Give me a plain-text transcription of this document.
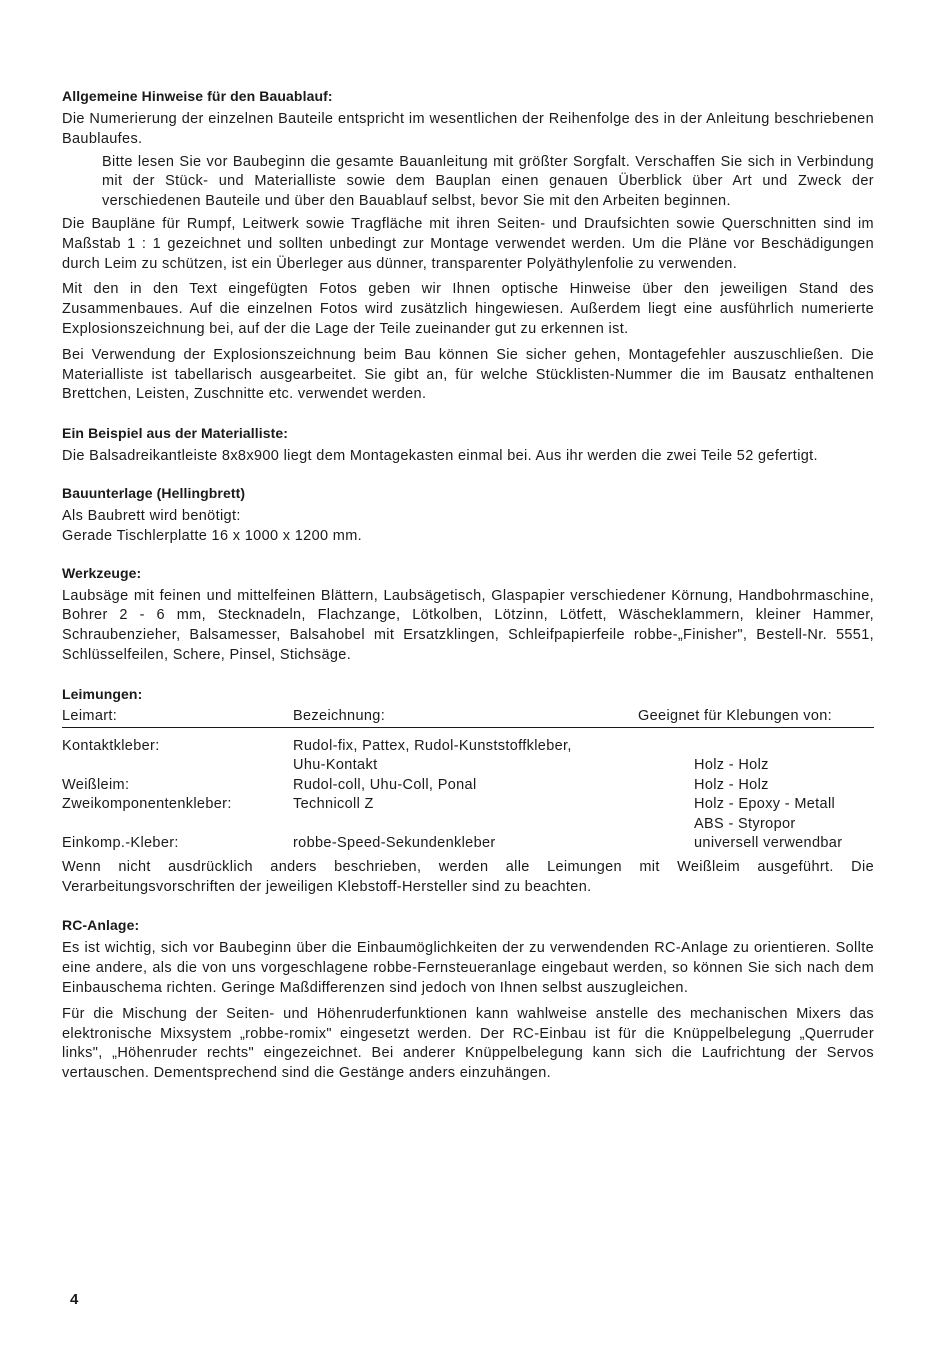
Allgemeine Hinweise für den Bauablauf:

Die Numerierung der einzelnen Bauteile entspricht im wesentlichen der Reihenfolge des in der Anleitung beschriebenen Baublaufes.

Bitte lesen Sie vor Baubeginn die gesamte Bauanleitung mit größter Sorgfalt. Verschaffen Sie sich in Verbindung mit der Stück- und Materialliste sowie dem Bauplan einen genauen Überblick über Art und Zweck der verschiedenen Bauteile und über den Bauablauf selbst, bevor Sie mit den Arbeiten beginnen.

Die Baupläne für Rumpf, Leitwerk sowie Tragfläche mit ihren Seiten- und Draufsichten sowie Querschnitten sind im Maßstab 1 : 1 gezeichnet und sollten unbedingt zur Montage verwendet werden. Um die Pläne vor Beschädigungen durch Leim zu schützen, ist ein Überleger aus dünner, transparenter Polyäthylenfolie zu verwenden.

Mit den in den Text eingefügten Fotos geben wir Ihnen optische Hinweise über den jeweiligen Stand des Zusammenbaues. Auf die einzelnen Fotos wird zusätzlich hingewiesen. Außerdem liegt eine ausführlich numerierte Explosionszeichnung bei, auf der die Lage der Teile zueinander gut zu erkennen ist.

Bei Verwendung der Explosionszeichnung beim Bau können Sie sicher gehen, Montagefehler auszuschließen. Die Materialliste ist tabellarisch ausgearbeitet. Sie gibt an, für welche Stücklisten-Nummer die im Bausatz enthaltenen Brettchen, Leisten, Zuschnitte etc. verwendet werden.

Ein Beispiel aus der Materialliste:

Die Balsadreikantleiste 8x8x900 liegt dem Montagekasten einmal bei. Aus ihr werden die zwei Teile 52 gefertigt.

Bauunterlage (Hellingbrett)

Als Baubrett wird benötigt:

Gerade Tischlerplatte 16 x 1000 x 1200 mm.

Werkzeuge:

Laubsäge mit feinen und mittelfeinen Blättern, Laubsägetisch, Glaspapier verschiedener Körnung, Handbohrmaschine, Bohrer 2 - 6 mm, Stecknadeln, Flachzange, Lötkolben, Lötzinn, Lötfett, Wäscheklammern, kleiner Hammer, Schraubenzieher, Balsamesser, Balsahobel mit Ersatzklingen, Schleifpapierfeile robbe-„Finisher", Bestell-Nr. 5551, Schlüsselfeilen, Schere, Pinsel, Stichsäge.

Leimungen:
Leimart:	Bezeichnung:	Geeignet für Klebungen von:
Kontaktkleber:	Rudol-fix, Pattex, Rudol-Kunststoffkleber, Uhu-Kontakt	Holz - Holz
Weißleim:	Rudol-coll, Uhu-Coll, Ponal	Holz - Holz
Zweikomponentenkleber:	Technicoll Z	Holz - Epoxy - Metall
ABS - Styropor

Einkomp.-Kleber:	robbe-Speed-Sekundenkleber	universell verwendbar

Wenn nicht ausdrücklich anders beschrieben, werden alle Leimungen mit Weißleim ausgeführt. Die Verarbeitungsvorschriften der jeweiligen Klebstoff-Hersteller sind zu beachten.

RC-Anlage:

Es ist wichtig, sich vor Baubeginn über die Einbaumöglichkeiten der zu verwendenden RC-Anlage zu orientieren. Sollte eine andere, als die von uns vorgeschlagene robbe-Fernsteueranlage eingebaut werden, so können Sie sich nach dem Einbauschema richten. Geringe Maßdifferenzen sind jedoch von Ihnen selbst auszugleichen.

Für die Mischung der Seiten- und Höhenruderfunktionen kann wahlweise anstelle des mechanischen Mixers das elektronische Mixsystem „robbe-romix" eingesetzt werden. Der RC-Einbau ist für die Knüppelbelegung „Querruder links", „Höhenruder rechts" eingezeichnet. Bei anderer Knüppelbelegung kann sich die Laufrichtung der Servos vertauschen. Dementsprechend sind die Gestänge anders einzuhängen.

4
